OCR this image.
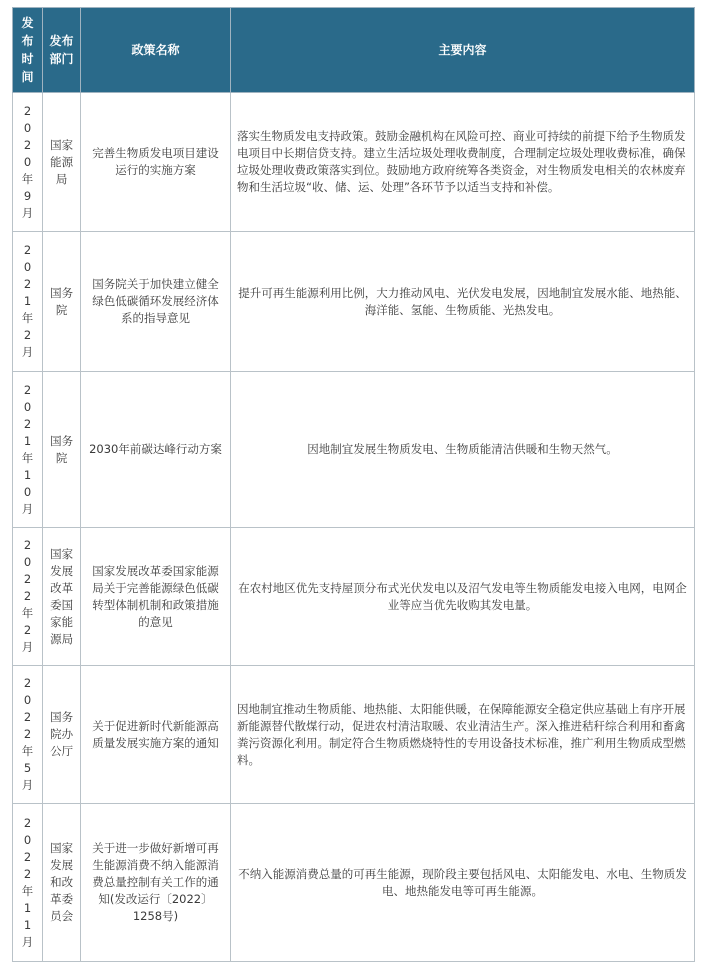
发布时间	发布部门	政策名称	主要内容
2020年9月	国家能源局	完善生物质发电项目建设运行的实施方案	落实生物质发电支持政策。鼓励金融机构在风险可控、商业可持续的前提下给予生物质发电项目中长期信贷支持。建立生活垃圾处理收费制度，合理制定垃圾处理收费标准，确保垃圾处理收费政策落实到位。鼓励地方政府统筹各类资金，对生物质发电相关的农林废弃物和生活垃圾“收、储、运、处理”各环节予以适当支持和补偿。
2021年2月	国务院	国务院关于加快建立健全绿色低碳循环发展经济体系的指导意见	提升可再生能源利用比例，大力推动风电、光伏发电发展，因地制宜发展水能、地热能、海洋能、氢能、生物质能、光热发电。
2021年10月	国务院	2030年前碳达峰行动方案	因地制宜发展生物质发电、生物质能清洁供暖和生物天然气。
2022年2月	国家发展改革委国家能源局	国家发展改革委国家能源局关于完善能源绿色低碳转型体制机制和政策措施的意见	在农村地区优先支持屋顶分布式光伏发电以及沼气发电等生物质能发电接入电网，电网企业等应当优先收购其发电量。
2022年5月	国务院办公厅	关于促进新时代新能源高质量发展实施方案的通知	因地制宜推动生物质能、地热能、太阳能供暖，在保障能源安全稳定供应基础上有序开展新能源替代散煤行动，促进农村清洁取暖、农业清洁生产。深入推进秸秆综合利用和畜禽粪污资源化利用。制定符合生物质燃烧特性的专用设备技术标准，推广利用生物质成型燃料。
2022年11月	国家发展和改革委员会	关于进一步做好新增可再生能源消费不纳入能源消费总量控制有关工作的通知(发改运行〔2022〕1258号)	不纳入能源消费总量的可再生能源，现阶段主要包括风电、太阳能发电、水电、生物质发电、地热能发电等可再生能源。
